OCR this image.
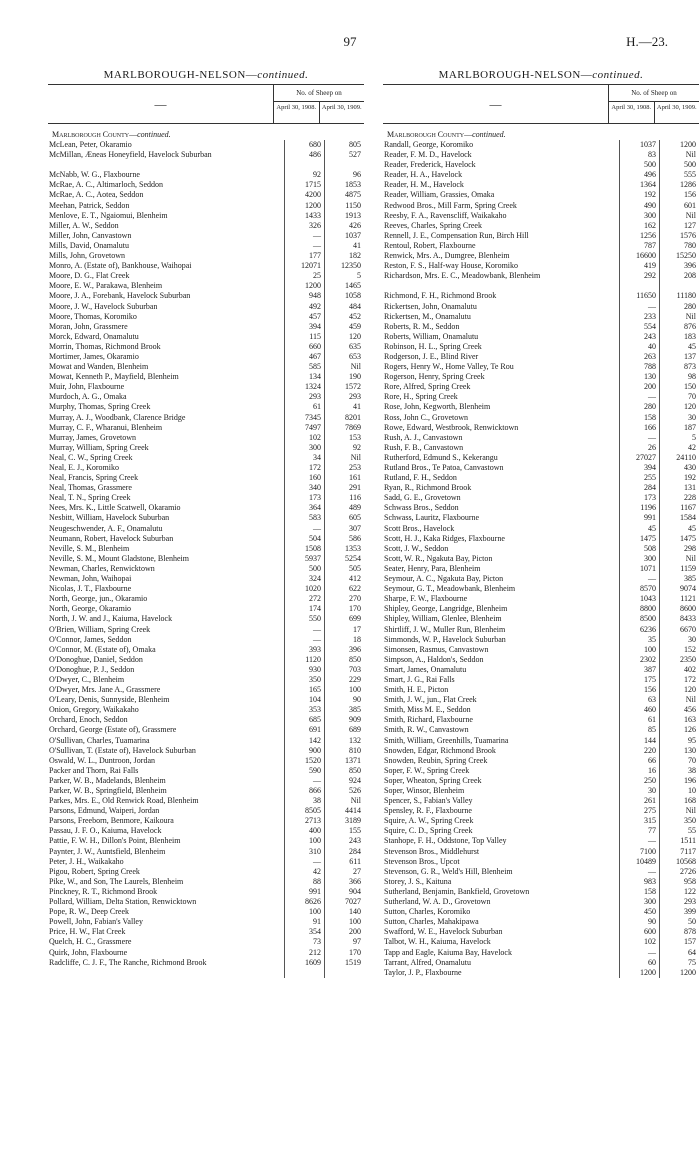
97	H.—23.
MARLBOROUGH-NELSON—continued.
—
No. of Sheep on
April 30, 1908. April 30, 1909.
Marlborough County—continued.
McLean, Peter, Okaramio	680	805
McMillan, Æneas Honeyfield, Havelock Suburban	486	527
McNabb, W. G., Flaxbourne	92	96
McRae, A. C., Altimarloch, Seddon	1715	1853
McRae, A. C., Aotea, Seddon	4200	4875
Meehan, Patrick, Seddon	1200	1150
Menlove, E. T., Ngaiomui, Blenheim	1433	1913
Miller, A. W., Seddon	326	426
Miller, John, Canvastown	—	1037
Mills, David, Onamalutu	—	41
Mills, John, Grovetown	177	182
Monro, A. (Estate of), Bankhouse, Waihopai	12071	12350
Moore, D. G., Flat Creek	25	5
Moore, E. W., Parakawa, Blenheim	1200	1465
Moore, J. A., Forebank, Havelock Suburban	948	1058
Moore, J. W., Havelock Suburban	492	484
Moore, Thomas, Koromiko	457	452
Moran, John, Grassmere	394	459
Morck, Edward, Onamalutu	115	120
Morrin, Thomas, Richmond Brook	660	635
Mortimer, James, Okaramio	467	653
Mowat and Wanden, Blenheim	585	Nil
Mowat, Kenneth P., Mayfield, Blenheim	134	190
Muir, John, Flaxbourne	1324	1572
Murdoch, A. G., Omaka	293	293
Murphy, Thomas, Spring Creek	61	41
Murray, A. J., Woodbank, Clarence Bridge	7345	8201
Murray, C. F., Wharanui, Blenheim	7497	7869
Murray, James, Grovetown	102	153
Murray, William, Spring Creek	300	92
Neal, C. W., Spring Creek	34	Nil
Neal, E. J., Koromiko	172	253
Neal, Francis, Spring Creek	160	161
Neal, Thomas, Grassmere	340	291
Neal, T. N., Spring Creek	173	116
Nees, Mrs. K., Little Scatwell, Okaramio	364	489
Nesbitt, William, Havelock Suburban	583	605
Neugeschwender, A. F., Onamalutu	—	307
Neumann, Robert, Havelock Suburban	504	586
Neville, S. M., Blenheim	1508	1353
Neville, S. M., Mount Gladstone, Blenheim	5937	5254
Newman, Charles, Renwicktown	500	505
Newman, John, Waihopai	324	412
Nicolas, J. T., Flaxbourne	1020	622
North, George, jun., Okaramio	272	270
North, George, Okaramio	174	170
North, J. W. and J., Kaiuma, Havelock	550	699
O'Brien, William, Spring Creek	—	17
O'Connor, James, Seddon	—	18
O'Connor, M. (Estate of), Omaka	393	396
O'Donoghue, Daniel, Seddon	1120	850
O'Donoghue, P. J., Seddon	930	703
O'Dwyer, C., Blenheim	350	229
O'Dwyer, Mrs. Jane A., Grassmere	165	100
O'Leary, Denis, Sunnyside, Blenheim	104	90
Onion, Gregory, Waikakaho	353	385
Orchard, Enoch, Seddon	685	909
Orchard, George (Estate of), Grassmere	691	689
O'Sullivan, Charles, Tuamarina	142	132
O'Sullivan, T. (Estate of), Havelock Suburban	900	810
Oswald, W. L., Duntroon, Jordan	1520	1371
Packer and Thorn, Rai Falls	590	850
Parker, W. B., Madelands, Blenheim	—	924
Parker, W. B., Springfield, Blenheim	866	526
Parkes, Mrs. E., Old Renwick Road, Blenheim	38	Nil
Parsons, Edmund, Waiperi, Jordan	8505	4414
Parsons, Freeborn, Benmore, Kaikoura	2713	3189
Passau, J. F. O., Kaiuma, Havelock	400	155
Pattie, F. W. H., Dillon's Point, Blenheim	100	243
Paynter, J. W., Auntsfield, Blenheim	310	284
Peter, J. H., Waikakaho	—	611
Pigou, Robert, Spring Creek	42	27
Pike, W., and Son, The Laurels, Blenheim	88	366
Pinckney, R. T., Richmond Brook	991	904
Pollard, William, Delta Station, Renwicktown	8626	7027
Pope, R. W., Deep Creek	100	140
Powell, John, Fabian's Valley	91	100
Price, H. W., Flat Creek	354	200
Quelch, H. C., Grassmere	73	97
Quirk, John, Flaxbourne	212	170
Radcliffe, C. J. F., The Ranche, Richmond Brook	1609	1519
MARLBOROUGH-NELSON—continued.
—
No. of Sheep on
April 30, 1908. April 30, 1909.
Marlborough County—continued.
Randall, George, Koromiko	1037	1200
Reader, F. M. D., Havelock	83	Nil
Reader, Frederick, Havelock	500	500
Reader, H. A., Havelock	496	555
Reader, H. M., Havelock	1364	1286
Reader, William, Grassies, Omaka	192	156
Redwood Bros., Mill Farm, Spring Creek	490	601
Reesby, F. A., Ravenscliff, Waikakaho	300	Nil
Reeves, Charles, Spring Creek	162	127
Rennell, J. E., Compensation Run, Birch Hill	1256	1576
Rentoul, Robert, Flaxbourne	787	780
Renwick, Mrs. A., Dumgree, Blenheim	16600	15250
Reston, F. S., Half-way House, Koromiko	419	396
Richardson, Mrs. E. C., Meadowbank, Blenheim	292	208
Richmond, F. H., Richmond Brook	11650	11180
Rickertsen, John, Onamalutu	—	280
Rickertsen, M., Onamalutu	233	Nil
Roberts, R. M., Seddon	554	876
Roberts, William, Onamalutu	243	183
Robinson, H. L., Spring Creek	40	45
Rodgerson, J. E., Blind River	263	137
Rogers, Henry W., Home Valley, Te Rou	788	873
Rogerson, Henry, Spring Creek	130	98
Rore, Alfred, Spring Creek	200	150
Rore, H., Spring Creek	—	70
Rose, John, Kegworth, Blenheim	280	120
Ross, John C., Grovetown	158	30
Rowe, Edward, Westbrook, Renwicktown	166	187
Rush, A. J., Canvastown	—	5
Rush, F. B., Canvastown	26	42
Rutherford, Edmund S., Kekerangu	27027	24110
Rutland Bros., Te Patoa, Canvastown	394	430
Rutland, F. H., Seddon	255	192
Ryan, R., Richmond Brook	284	131
Sadd, G. E., Grovetown	173	228
Schwass Bros., Seddon	1196	1167
Schwass, Lauritz, Flaxbourne	991	1584
Scott Bros., Havelock	45	45
Scott, H. J., Kaka Ridges, Flaxbourne	1475	1475
Scott, J. W., Seddon	508	298
Scott, W. R., Ngakuta Bay, Picton	300	Nil
Seater, Henry, Para, Blenheim	1071	1159
Seymour, A. C., Ngakuta Bay, Picton	—	385
Seymour, G. T., Meadowbank, Blenheim	8570	9074
Sharpe, F. W., Flaxbourne	1043	1121
Shipley, George, Langridge, Blenheim	8800	8600
Shipley, William, Glenlee, Blenheim	8500	8433
Shirtliff, J. W., Muller Run, Blenheim	6236	6670
Simmonds, W. P., Havelock Suburban	35	30
Simonsen, Rasmus, Canvastown	100	152
Simpson, A., Haldon's, Seddon	2302	2350
Smart, James, Onamalutu	387	402
Smart, J. G., Rai Falls	175	172
Smith, H. E., Picton	156	120
Smith, J. W., jun., Flat Creek	63	Nil
Smith, Miss M. E., Seddon	460	456
Smith, Richard, Flaxbourne	61	163
Smith, R. W., Canvastown	85	126
Smith, William, Greenhills, Tuamarina	144	95
Snowden, Edgar, Richmond Brook	220	130
Snowden, Reubin, Spring Creek	66	70
Soper, F. W., Spring Creek	16	38
Soper, Wheaton, Spring Creek	250	196
Soper, Winsor, Blenheim	30	10
Spencer, S., Fabian's Valley	261	168
Spensley, R. F., Flaxbourne	275	Nil
Squire, A. W., Spring Creek	315	350
Squire, C. D., Spring Creek	77	55
Stanhope, F. H., Oddstone, Top Valley	—	1511
Stevenson Bros., Middlehurst	7100	7117
Stevenson Bros., Upcot	10489	10568
Stevenson, G. R., Weld's Hill, Blenheim	—	2726
Storey, J. S., Kaituna	983	958
Sutherland, Benjamin, Bankfield, Grovetown	158	122
Sutherland, W. A. D., Grovetown	300	293
Sutton, Charles, Koromiko	450	399
Sutton, Charles, Mahakipawa	90	50
Swafford, W. E., Havelock Suburban	600	878
Talbot, W. H., Kaiuma, Havelock	102	157
Tapp and Eagle, Kaiuma Bay, Havelock	—	64
Tarrant, Alfred, Onamalutu	60	75
Taylor, J. P., Flaxbourne	1200	1200
